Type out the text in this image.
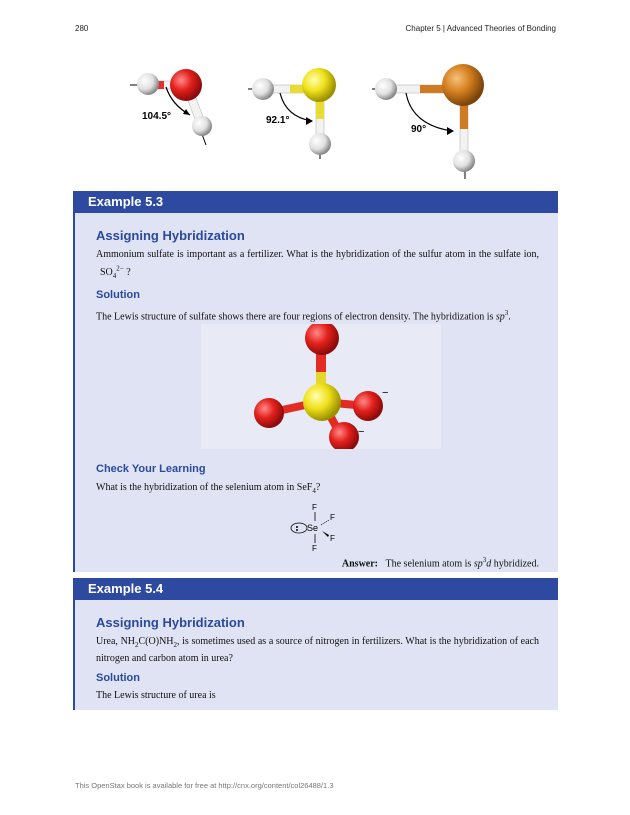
280	Chapter 5 | Advanced Theories of Bonding
104.5°	92.1°
90°
Example 5.3
Assigning Hybridization
Ammonium sulfate is important as a fertilizer. What is the hybridization of the sulfur atom in the sulfate ion, $SO_4^{2-}$ ?
Solution
The Lewis structure of sulfate shows there are four regions of electron density. The hybridization is $sp^3$.
−
−
Check Your Learning
What is the hybridization of the selenium atom in SeF$_4$?
F
Se
F
F
F
Answer: The selenium atom is $sp^3d$ hybridized.
Example 5.4
Assigning Hybridization
Urea, $NH_2C(O)NH_2$, is sometimes used as a source of nitrogen in fertilizers. What is the hybridization of each nitrogen and carbon atom in urea?
Solution
The Lewis structure of urea is
This OpenStax book is available for free at http://cnx.org/content/col26488/1.3
